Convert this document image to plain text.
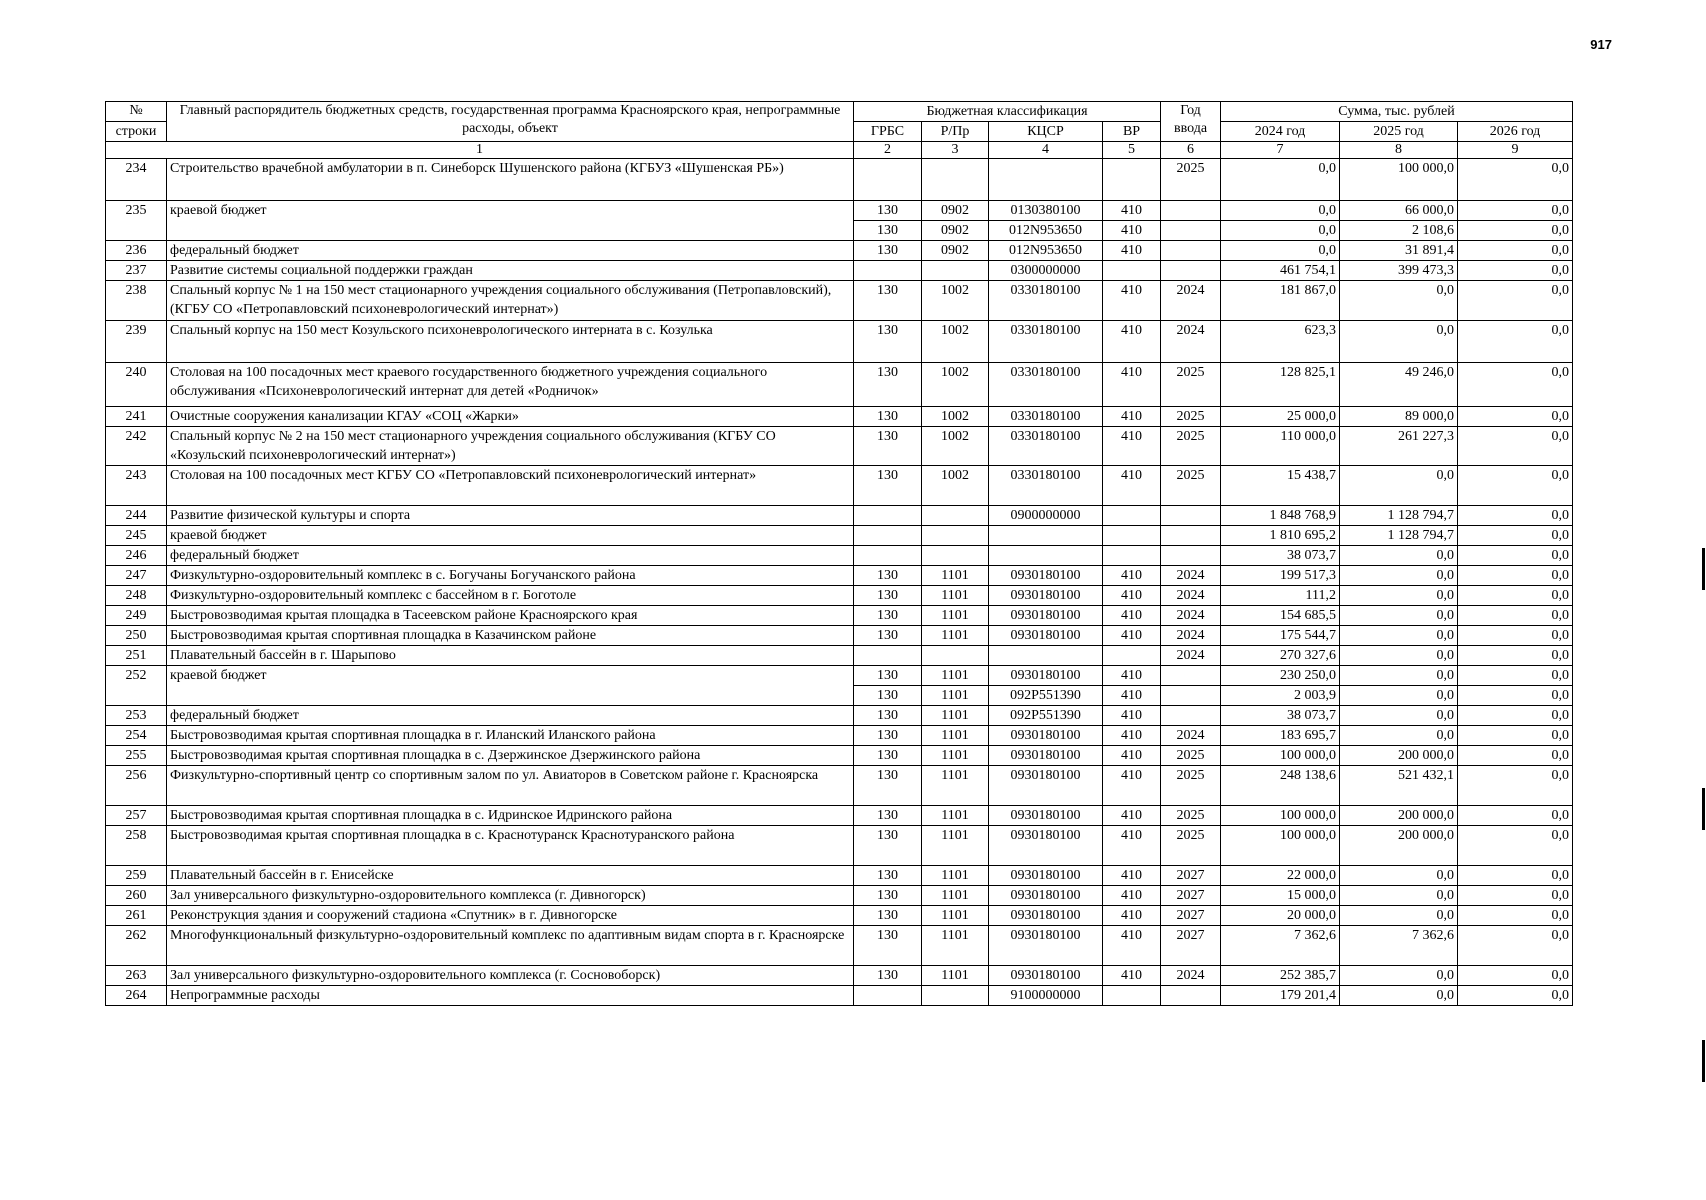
917
№	Главный распорядитель бюджетных средств, государственная программа Красноярского края, непрограммные расходы, объект	Бюджетная классификация				Год ввода	Сумма, тыс. рублей		
строки		ГРБС	Р/Пр	КЦСР	ВР		2024 год	2025 год	2026 год
1		2	3	4	5	6	7	8	9
234	Строительство врачебной амбулатории в п. Синеборск Шушенского района (КГБУЗ «Шушенская РБ»)					2025	0,0	100 000,0	0,0
235	краевой бюджет	130	0902	0130380100	410		0,0	66 000,0	0,0
		130	0902	012N953650	410		0,0	2 108,6	0,0
236	федеральный бюджет	130	0902	012N953650	410		0,0	31 891,4	0,0
237	Развитие системы социальной поддержки граждан			0300000000			461 754,1	399 473,3	0,0
238	Спальный корпус № 1 на 150 мест стационарного учреждения социального обслуживания (Петропавловский), (КГБУ СО «Петропавловский психоневрологический интернат»)	130	1002	0330180100	410	2024	181 867,0	0,0	0,0
239	Спальный корпус на 150 мест Козульского психоневрологического интерната в с. Козулька	130	1002	0330180100	410	2024	623,3	0,0	0,0
240	Столовая на 100 посадочных мест краевого государственного бюджетного учреждения социального обслуживания «Психоневрологический интернат для детей «Родничок»	130	1002	0330180100	410	2025	128 825,1	49 246,0	0,0
241	Очистные сооружения канализации КГАУ «СОЦ «Жарки»	130	1002	0330180100	410	2025	25 000,0	89 000,0	0,0
242	Спальный корпус № 2 на 150 мест стационарного учреждения социального обслуживания (КГБУ СО «Козульский психоневрологический интернат»)	130	1002	0330180100	410	2025	110 000,0	261 227,3	0,0
243	Столовая на 100 посадочных мест КГБУ СО «Петропавловский психоневрологический интернат»	130	1002	0330180100	410	2025	15 438,7	0,0	0,0
244	Развитие физической культуры и спорта			0900000000			1 848 768,9	1 128 794,7	0,0
245	краевой бюджет						1 810 695,2	1 128 794,7	0,0
246	федеральный бюджет						38 073,7	0,0	0,0
247	Физкультурно-оздоровительный комплекс в с. Богучаны Богучанского района	130	1101	0930180100	410	2024	199 517,3	0,0	0,0
248	Физкультурно-оздоровительный комплекс с бассейном в г. Боготоле	130	1101	0930180100	410	2024	111,2	0,0	0,0
249	Быстровозводимая крытая площадка в Тасеевском районе Красноярского края	130	1101	0930180100	410	2024	154 685,5	0,0	0,0
250	Быстровозводимая крытая спортивная площадка в Казачинском районе	130	1101	0930180100	410	2024	175 544,7	0,0	0,0
251	Плавательный бассейн в г. Шарыпово					2024	270 327,6	0,0	0,0
252	краевой бюджет	130	1101	0930180100	410		230 250,0	0,0	0,0
		130	1101	092P551390	410		2 003,9	0,0	0,0
253	федеральный бюджет	130	1101	092P551390	410		38 073,7	0,0	0,0
254	Быстровозводимая крытая спортивная площадка в г. Иланский Иланского района	130	1101	0930180100	410	2024	183 695,7	0,0	0,0
255	Быстровозводимая крытая спортивная площадка в с. Дзержинское Дзержинского района	130	1101	0930180100	410	2025	100 000,0	200 000,0	0,0
256	Физкультурно-спортивный центр со спортивным залом по ул. Авиаторов в Советском районе г. Красноярска	130	1101	0930180100	410	2025	248 138,6	521 432,1	0,0
257	Быстровозводимая крытая спортивная площадка в с. Идринское Идринского района	130	1101	0930180100	410	2025	100 000,0	200 000,0	0,0
258	Быстровозводимая крытая спортивная площадка в с. Краснотуранск Краснотуранского района	130	1101	0930180100	410	2025	100 000,0	200 000,0	0,0
259	Плавательный бассейн в г. Енисейске	130	1101	0930180100	410	2027	22 000,0	0,0	0,0
260	Зал универсального физкультурно-оздоровительного комплекса (г. Дивногорск)	130	1101	0930180100	410	2027	15 000,0	0,0	0,0
261	Реконструкция здания и сооружений стадиона «Спутник» в г. Дивногорске	130	1101	0930180100	410	2027	20 000,0	0,0	0,0
262	Многофункциональный физкультурно-оздоровительный комплекс по адаптивным видам спорта в г. Красноярске	130	1101	0930180100	410	2027	7 362,6	7 362,6	0,0
263	Зал универсального физкультурно-оздоровительного комплекса (г. Сосновоборск)	130	1101	0930180100	410	2024	252 385,7	0,0	0,0
264	Непрограммные расходы			9100000000			179 201,4	0,0	0,0
